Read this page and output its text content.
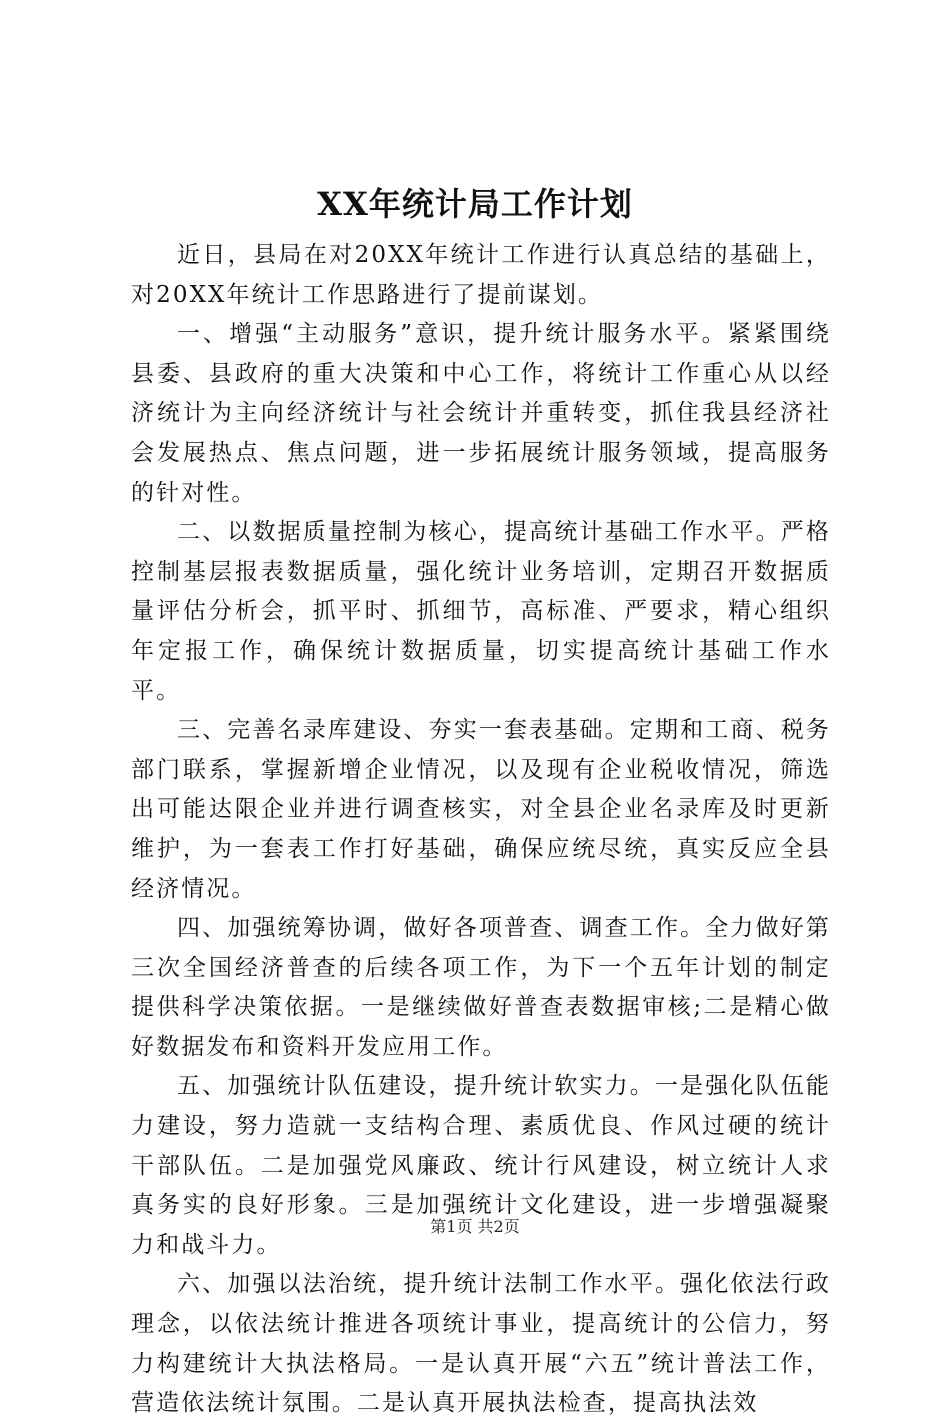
XX年统计局工作计划

近日，县局在对20XX年统计工作进行认真总结的基础上，对20XX年统计工作思路进行了提前谋划。

一、增强“主动服务”意识，提升统计服务水平。紧紧围绕县委、县政府的重大决策和中心工作，将统计工作重心从以经济统计为主向经济统计与社会统计并重转变，抓住我县经济社会发展热点、焦点问题，进一步拓展统计服务领域，提高服务的针对性。

二、以数据质量控制为核心，提高统计基础工作水平。严格控制基层报表数据质量，强化统计业务培训，定期召开数据质量评估分析会，抓平时、抓细节，高标准、严要求，精心组织年定报工作，确保统计数据质量，切实提高统计基础工作水平。

三、完善名录库建设、夯实一套表基础。定期和工商、税务部门联系，掌握新增企业情况，以及现有企业税收情况，筛选出可能达限企业并进行调查核实，对全县企业名录库及时更新维护，为一套表工作打好基础，确保应统尽统，真实反应全县经济情况。

四、加强统筹协调，做好各项普查、调查工作。全力做好第三次全国经济普查的后续各项工作，为下一个五年计划的制定提供科学决策依据。一是继续做好普查表数据审核;二是精心做好数据发布和资料开发应用工作。

五、加强统计队伍建设，提升统计软实力。一是强化队伍能力建设，努力造就一支结构合理、素质优良、作风过硬的统计干部队伍。二是加强党风廉政、统计行风建设，树立统计人求真务实的良好形象。三是加强统计文化建设，进一步增强凝聚力和战斗力。

六、加强以法治统，提升统计法制工作水平。强化依法行政理念，以依法统计推进各项统计事业，提高统计的公信力，努力构建统计大执法格局。一是认真开展“六五”统计普法工作，营造依法统计氛围。二是认真开展执法检查，提高执法效

第1页 共2页
